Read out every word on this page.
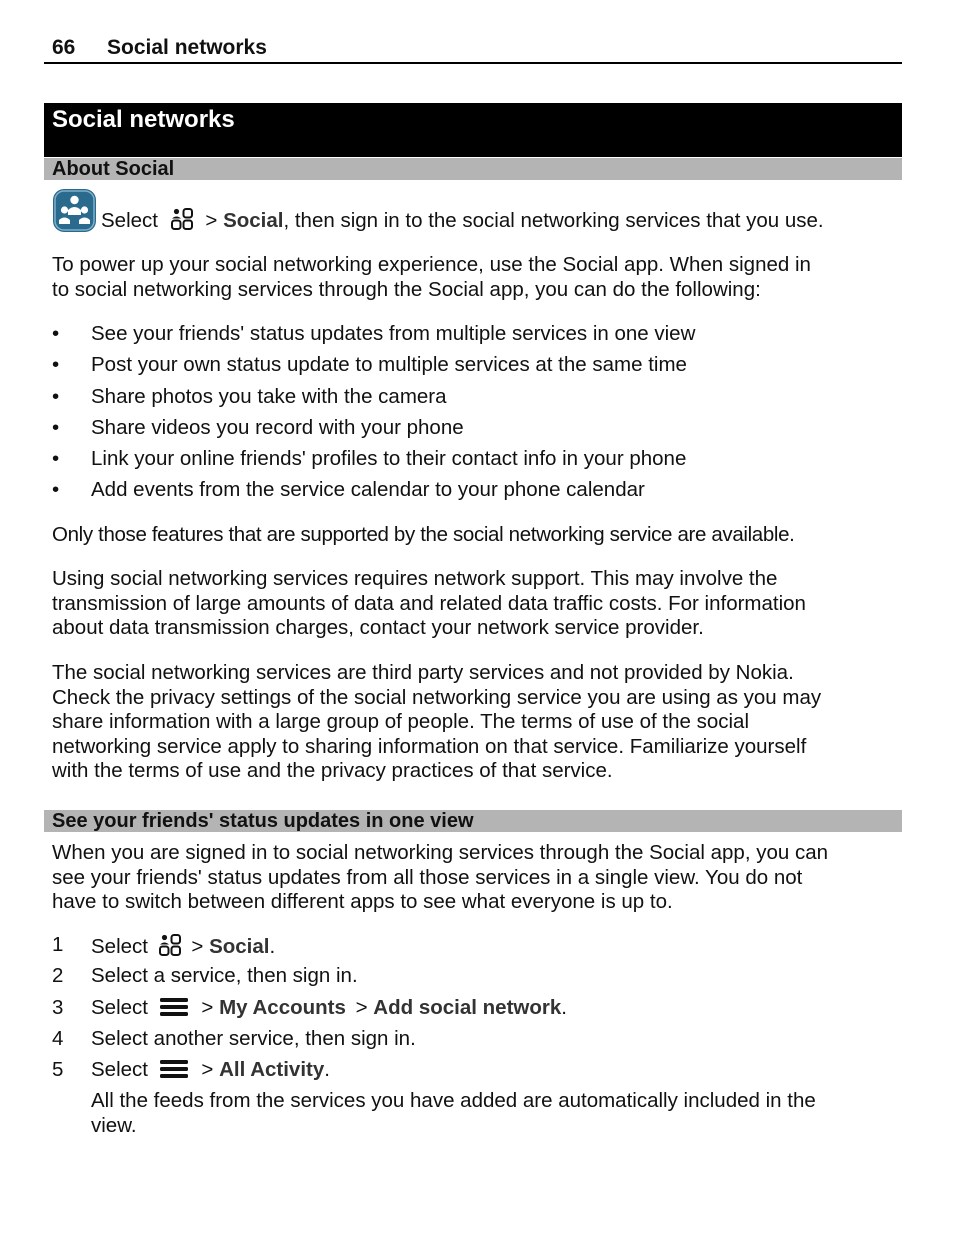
66 Social networks
Social networks
About Social
Select > Social, then sign in to the social networking services that you use.
To power up your social networking experience, use the Social app. When signed in
to social networking services through the Social app, you can do the following:
• See your friends' status updates from multiple services in one view
• Post your own status update to multiple services at the same time
• Share photos you take with the camera
• Share videos you record with your phone
• Link your online friends' profiles to their contact info in your phone
• Add events from the service calendar to your phone calendar
Only those features that are supported by the social networking service are available.
Using social networking services requires network support. This may involve the
transmission of large amounts of data and related data traffic costs. For information
about data transmission charges, contact your network service provider.
The social networking services are third party services and not provided by Nokia.
Check the privacy settings of the social networking service you are using as you may
share information with a large group of people. The terms of use of the social
networking service apply to sharing information on that service. Familiarize yourself
with the terms of use and the privacy practices of that service.
See your friends' status updates in one view
When you are signed in to social networking services through the Social app, you can
see your friends' status updates from all those services in a single view. You do not
have to switch between different apps to see what everyone is up to.
1 Select > Social.
2 Select a service, then sign in.
3 Select	> My Accounts > Add social network.
4 Select another service, then sign in.
5 Select	> All Activity.
All the feeds from the services you have added are automatically included in the
view.
